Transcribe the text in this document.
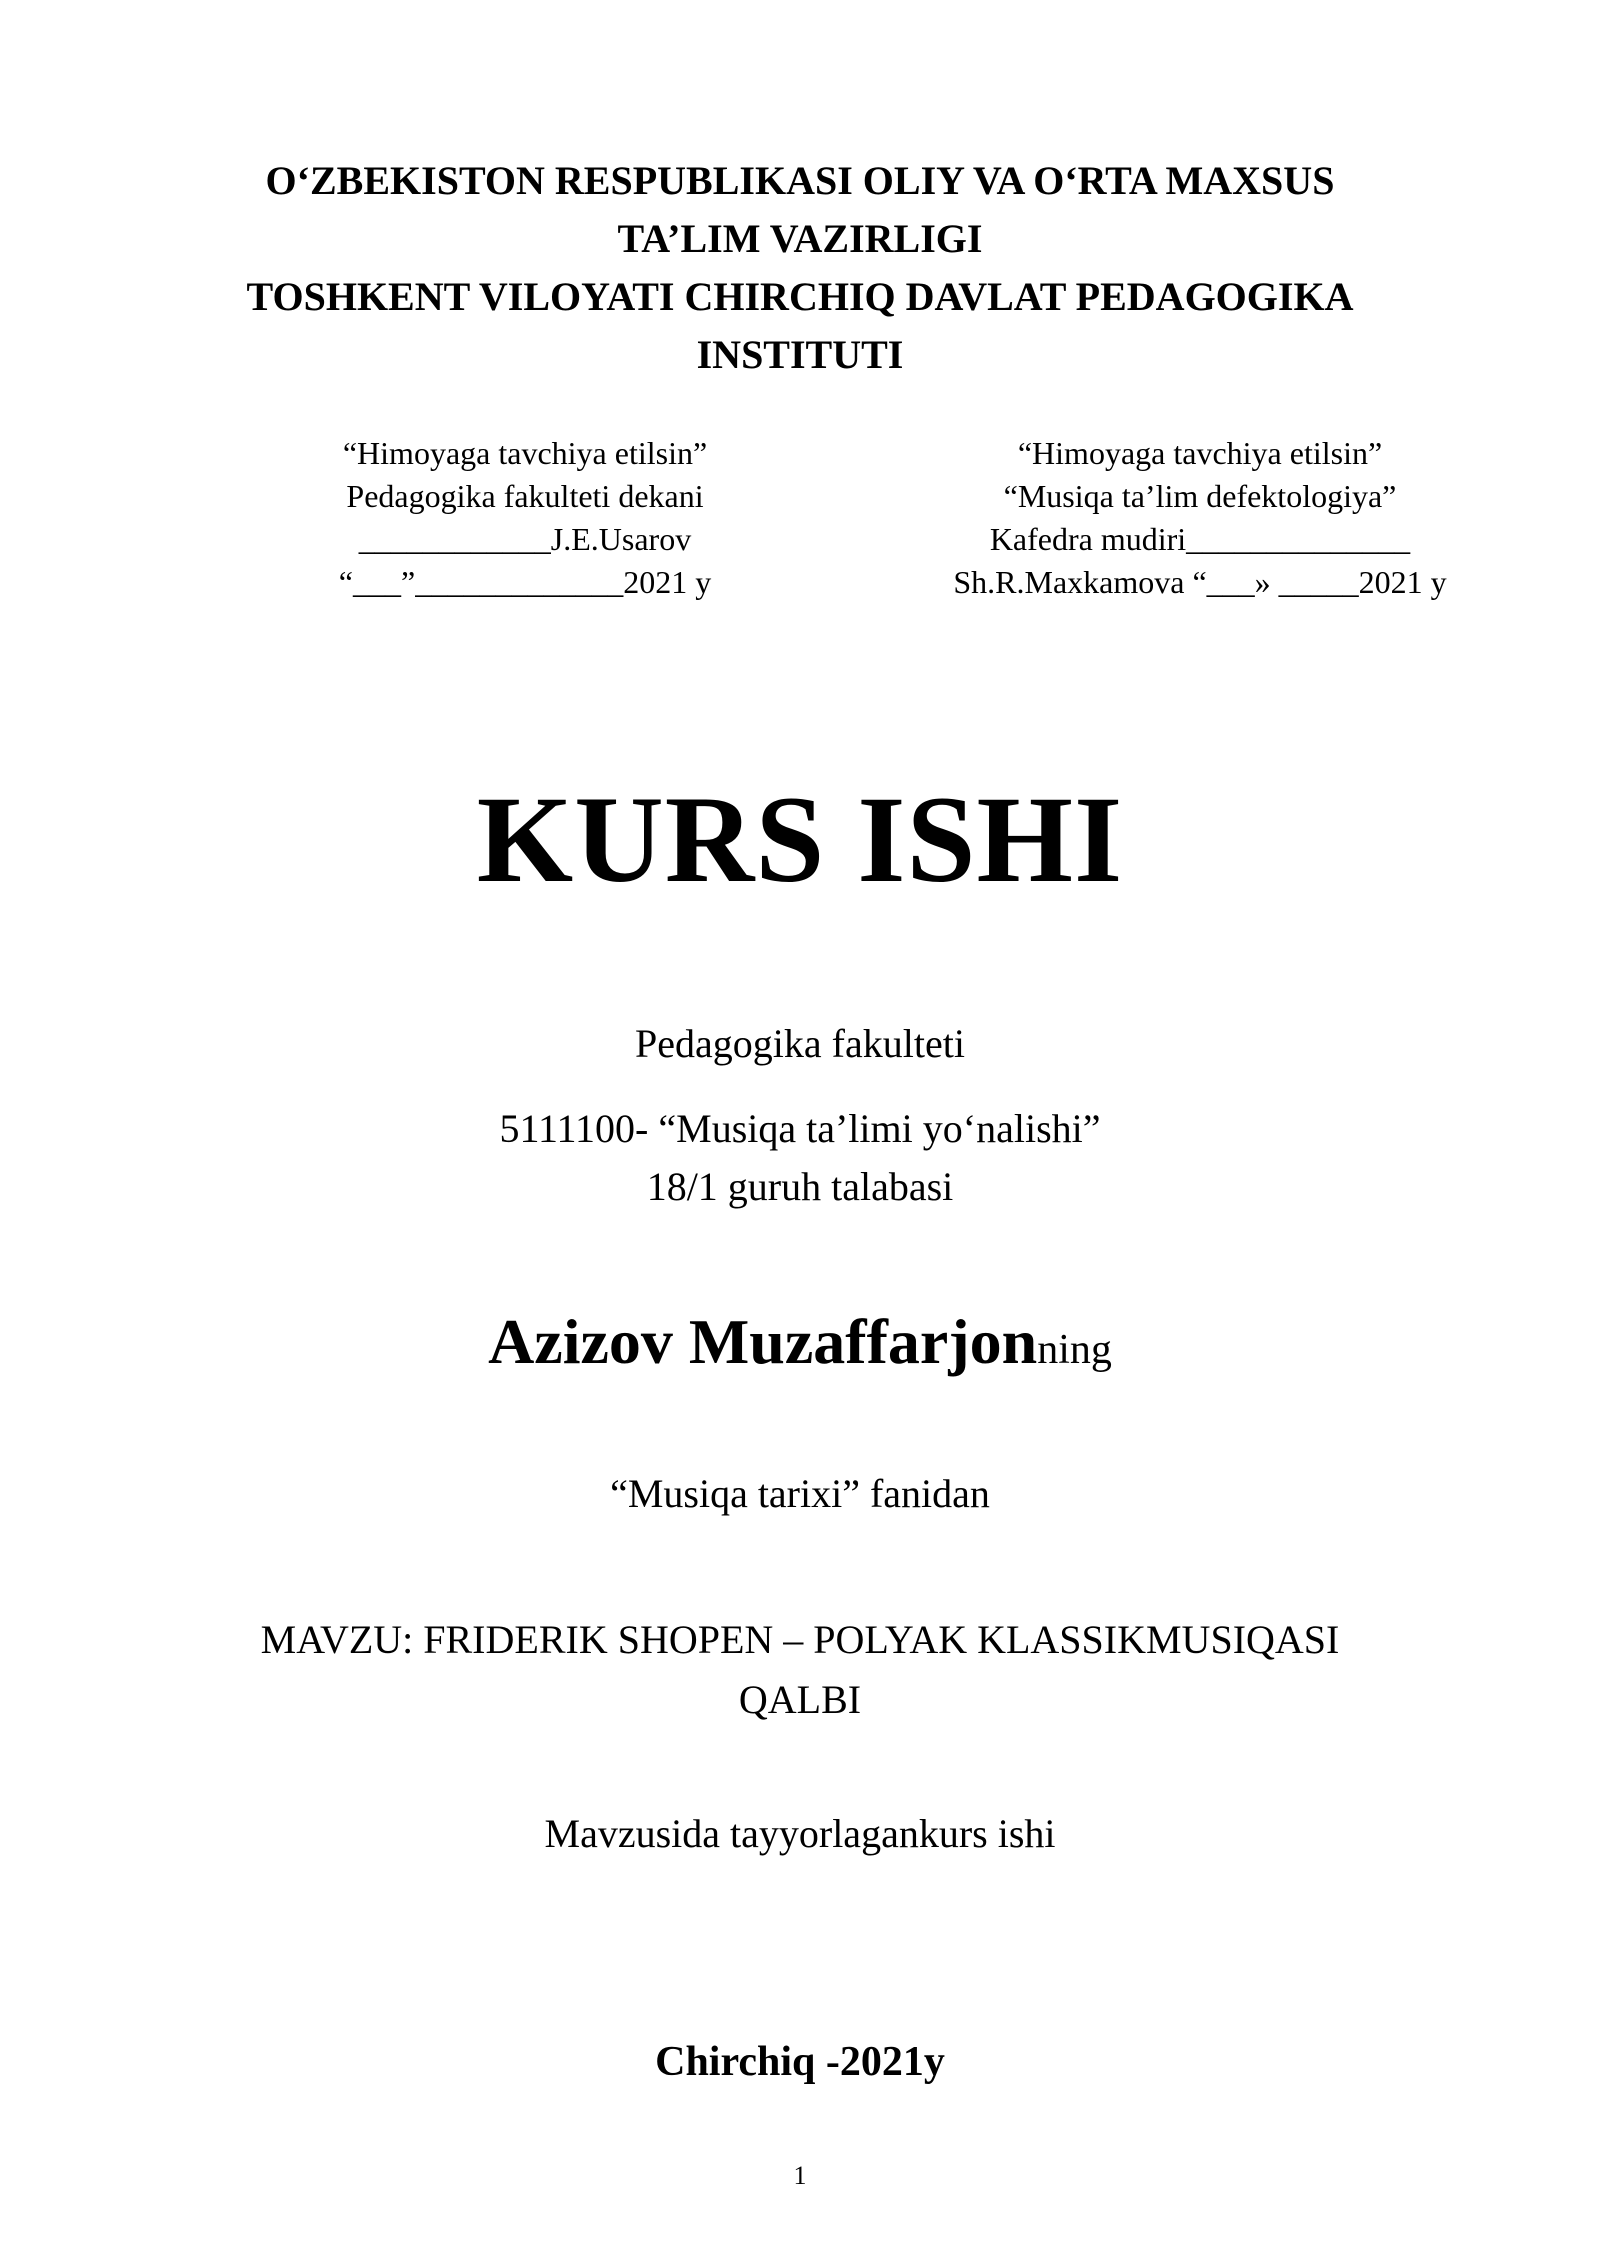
O‘ZBEKISTON RESPUBLIKASI OLIY VA O‘RTA MAXSUS
TA’LIM VAZIRLIGI
TOSHKENT VILOYATI CHIRCHIQ DAVLAT PEDAGOGIKA
INSTITUTI
“Himoyaga tavchiya etilsin”
Pedagogika fakulteti dekani
____________J.E.Usarov
“___”_____________2021 y
“Himoyaga tavchiya etilsin”
“Musiqa ta’lim defektologiya”
Kafedra mudiri______________
Sh.R.Maxkamova “___» _____2021 y
KURS ISHI
Pedagogika fakulteti
5111100- “Musiqa ta’limi yo‘nalishi”
18/1 guruh talabasi
Azizov Muzaffarjonning
“Musiqa tarixi” fanidan
MAVZU: FRIDERIK SHOPEN – POLYAK KLASSIKMUSIQASI
QALBI
Mavzusida tayyorlagankurs ishi
Chirchiq -2021y
1
